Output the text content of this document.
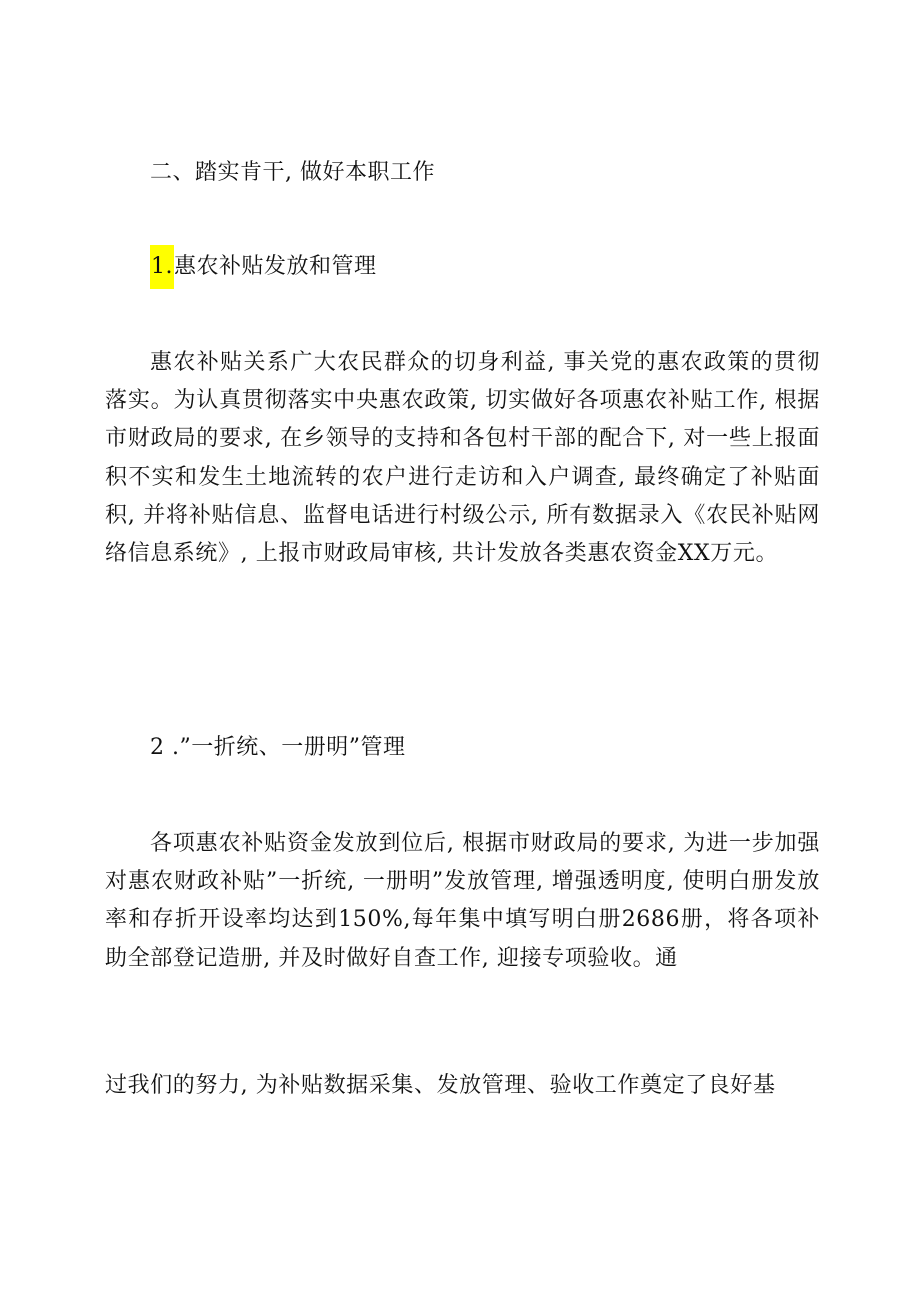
二、踏实肯干, 做好本职工作
1.惠农补贴发放和管理
惠农补贴关系广大农民群众的切身利益, 事关党的惠农政策的贯彻落实。为认真贯彻落实中央惠农政策, 切实做好各项惠农补贴工作, 根据市财政局的要求, 在乡领导的支持和各包村干部的配合下, 对一些上报面积不实和发生土地流转的农户进行走访和入户调查, 最终确定了补贴面积, 并将补贴信息、监督电话进行村级公示, 所有数据录入《农民补贴网络信息系统》, 上报市财政局审核, 共计发放各类惠农资金XX万元。
2 .”一折统、一册明”管理
各项惠农补贴资金发放到位后, 根据市财政局的要求, 为进一步加强对惠农财政补贴”一折统, 一册明”发放管理, 增强透明度, 使明白册发放率和存折开设率均达到150%,每年集中填写明白册2686册，将各项补助全部登记造册, 并及时做好自查工作, 迎接专项验收。通
过我们的努力, 为补贴数据采集、发放管理、验收工作奠定了良好基
